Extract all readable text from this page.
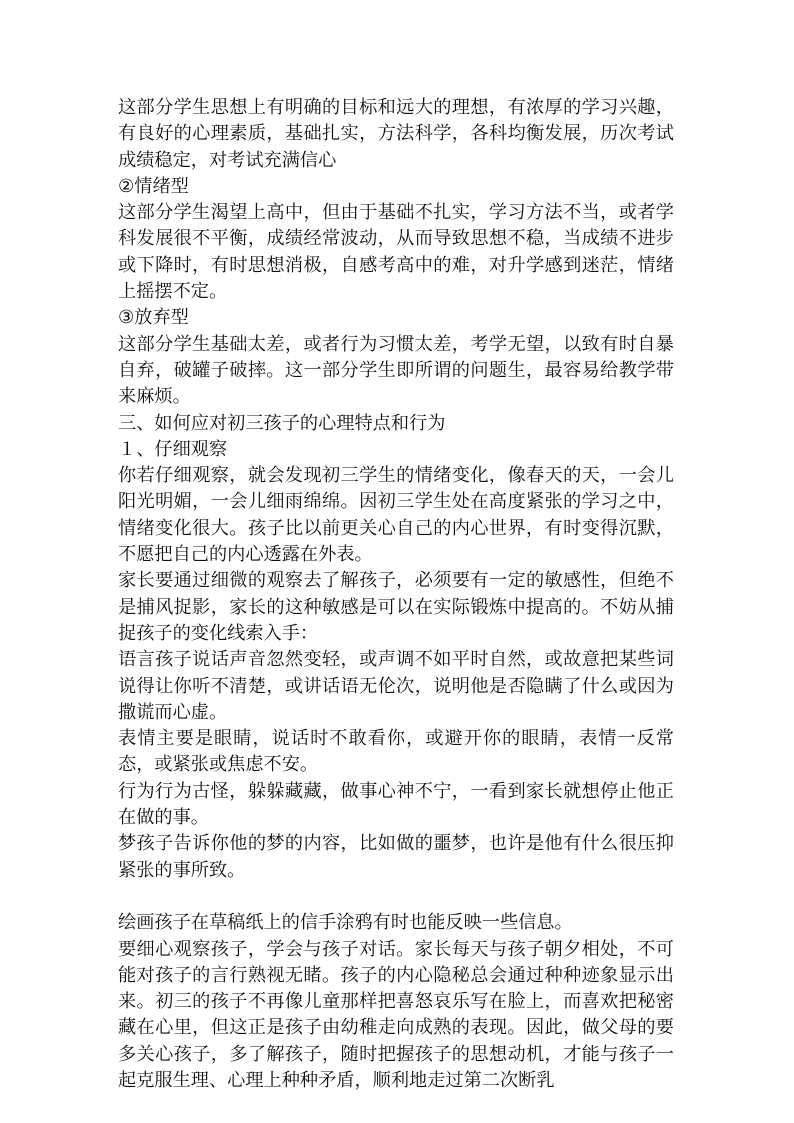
这部分学生思想上有明确的目标和远大的理想，有浓厚的学习兴趣，有良好的心理素质，基础扎实，方法科学，各科均衡发展，历次考试成绩稳定，对考试充满信心

②情绪型

这部分学生渴望上高中，但由于基础不扎实，学习方法不当，或者学科发展很不平衡，成绩经常波动，从而导致思想不稳，当成绩不进步或下降时，有时思想消极，自感考高中的难，对升学感到迷茫，情绪上摇摆不定。

③放弃型

这部分学生基础太差，或者行为习惯太差，考学无望，以致有时自暴自弃，破罐子破摔。这一部分学生即所谓的问题生，最容易给教学带来麻烦。

三、如何应对初三孩子的心理特点和行为

１、仔细观察

你若仔细观察，就会发现初三学生的情绪变化，像春天的天，一会儿阳光明媚，一会儿细雨绵绵。因初三学生处在高度紧张的学习之中，情绪变化很大。孩子比以前更关心自己的内心世界，有时变得沉默，不愿把自己的内心透露在外表。

家长要通过细微的观察去了解孩子，必须要有一定的敏感性，但绝不是捕风捉影，家长的这种敏感是可以在实际锻炼中提高的。不妨从捕捉孩子的变化线索入手：

语言孩子说话声音忽然变轻，或声调不如平时自然，或故意把某些词说得让你听不清楚，或讲话语无伦次，说明他是否隐瞒了什么或因为撒谎而心虚。

表情主要是眼睛，说话时不敢看你，或避开你的眼睛，表情一反常态，或紧张或焦虑不安。

行为行为古怪，躲躲藏藏，做事心神不宁，一看到家长就想停止他正在做的事。

梦孩子告诉你他的梦的内容，比如做的噩梦，也许是他有什么很压抑紧张的事所致。

绘画孩子在草稿纸上的信手涂鸦有时也能反映一些信息。

要细心观察孩子，学会与孩子对话。家长每天与孩子朝夕相处，不可能对孩子的言行熟视无睹。孩子的内心隐秘总会通过种种迹象显示出来。初三的孩子不再像儿童那样把喜怒哀乐写在脸上，而喜欢把秘密藏在心里，但这正是孩子由幼稚走向成熟的表现。因此，做父母的要多关心孩子，多了解孩子，随时把握孩子的思想动机，才能与孩子一起克服生理、心理上种种矛盾，顺利地走过第二次断乳
